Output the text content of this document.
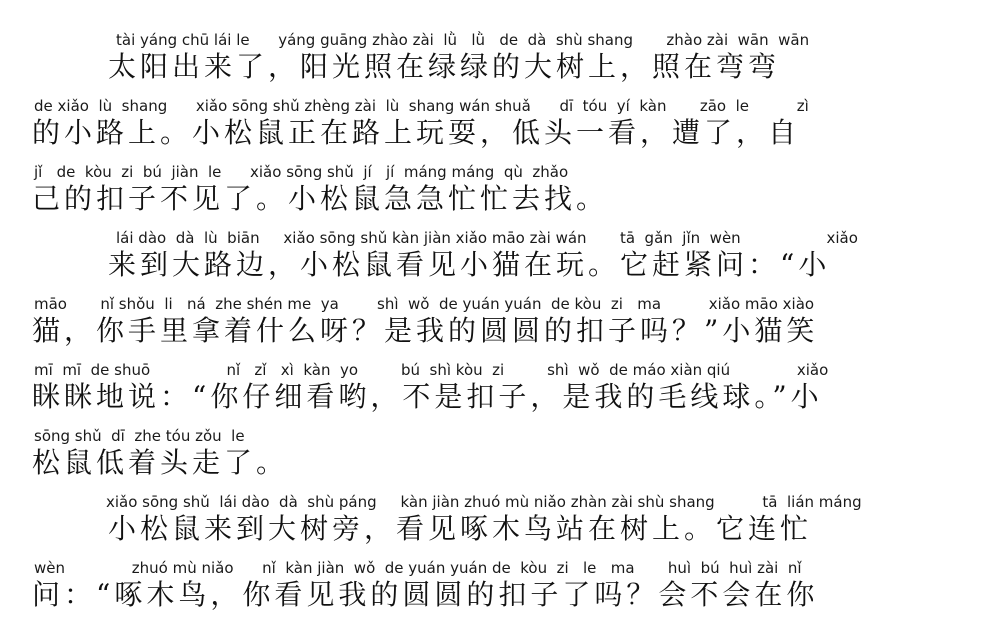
tài yáng chū lái le      yáng guāng zhào zài  lǜ   lǜ   de  dà  shù shang       zhào zài  wān  wān
太阳出来了，阳光照在绿绿的大树上，照在弯弯
de xiǎo  lù  shang      xiǎo sōng shǔ zhèng zài  lù  shang wán shuǎ      dī  tóu  yí  kàn       zāo  le          zì
的小路上。小松鼠正在路上玩耍，低头一看，遭了，自
jǐ   de  kòu  zi  bú  jiàn  le      xiǎo sōng shǔ  jí   jí  máng máng  qù  zhǎo
己的扣子不见了。小松鼠急急忙忙去找。
lái dào  dà  lù  biān     xiǎo sōng shǔ kàn jiàn xiǎo māo zài wán       tā  gǎn  jǐn  wèn                  xiǎo
来到大路边，小松鼠看见小猫在玩。它赶紧问：“小
māo       nǐ shǒu  li   ná  zhe shén me  ya        shì  wǒ  de yuán yuán  de kòu  zi   ma          xiǎo māo xiào
猫，你手里拿着什么呀？是我的圆圆的扣子吗？”小猫笑
mī  mī  de shuō                nǐ   zǐ   xì  kàn  yo         bú  shì kòu  zi         shì  wǒ  de máo xiàn qiú              xiǎo
眯眯地说：“你仔细看哟，不是扣子，是我的毛线球。”小
sōng shǔ  dī  zhe tóu zǒu  le
松鼠低着头走了。
xiǎo sōng shǔ  lái dào  dà  shù páng     kàn jiàn zhuó mù niǎo zhàn zài shù shang          tā  lián máng
小松鼠来到大树旁，看见啄木鸟站在树上。它连忙
wèn              zhuó mù niǎo      nǐ  kàn jiàn  wǒ  de yuán yuán de  kòu  zi   le   ma       huì  bú  huì zài  nǐ
问：“啄木鸟，你看见我的圆圆的扣子了吗？会不会在你
